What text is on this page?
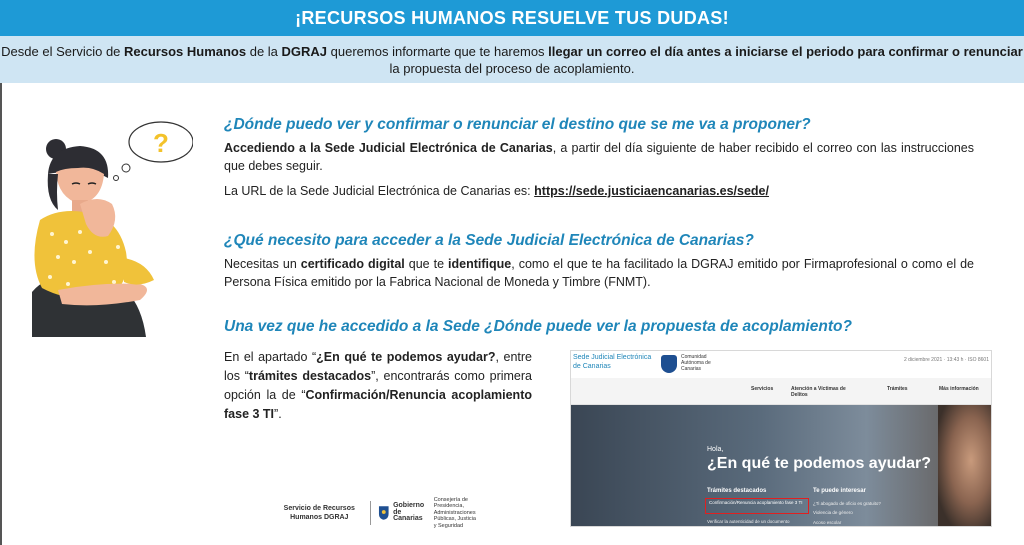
¡RECURSOS HUMANOS RESUELVE TUS DUDAS!
Desde el Servicio de Recursos Humanos de la DGRAJ queremos informarte que te haremos llegar un correo el día antes a iniciarse el periodo para confirmar o renunciar la propuesta del proceso de acoplamiento.
?
¿Dónde puedo ver y confirmar o renunciar el destino que se me va a proponer?
Accediendo a la Sede Judicial Electrónica de Canarias, a partir del día siguiente de haber recibido el correo con las instrucciones que debes seguir.
La URL de la Sede Judicial Electrónica de Canarias es: https://sede.justiciaencanarias.es/sede/
¿Qué necesito para acceder a la Sede Judicial Electrónica de Canarias?
Necesitas un certificado digital que te identifique, como el que te ha facilitado la DGRAJ emitido por Firmaprofesional o como el de Persona Física emitido por la Fabrica Nacional de Moneda y Timbre (FNMT).
Una vez que he accedido a la Sede ¿Dónde puede ver la propuesta de acoplamiento?
En el apartado “¿En qué te podemos ayudar?, entre los “trámites destacados”, encontrarás como primera opción la de “Confirmación/Renuncia acoplamiento fase 3 TI”.
Servicio de Recursos Humanos DGRAJ
Gobierno de Canarias
Consejería de Presidencia, Administraciones Públicas, Justicia y Seguridad
Sede Judicial Electrónica de Canarias
Comunidad Autónoma de Canarias
2 diciembre 2021 · 13:43 h · ISO 8601
Servicios	Atención a Víctimas de Delitos
Trámites	Más información
Hola,
¿En qué te podemos ayudar?
Trámites destacados	Te puede interesar
Confirmación/Renuncia acoplamiento fase 3 TI
Verificar la autenticidad de un documento
¿Ti abogado de oficio es gratuito?
Violencia de género
Acoso escolar
